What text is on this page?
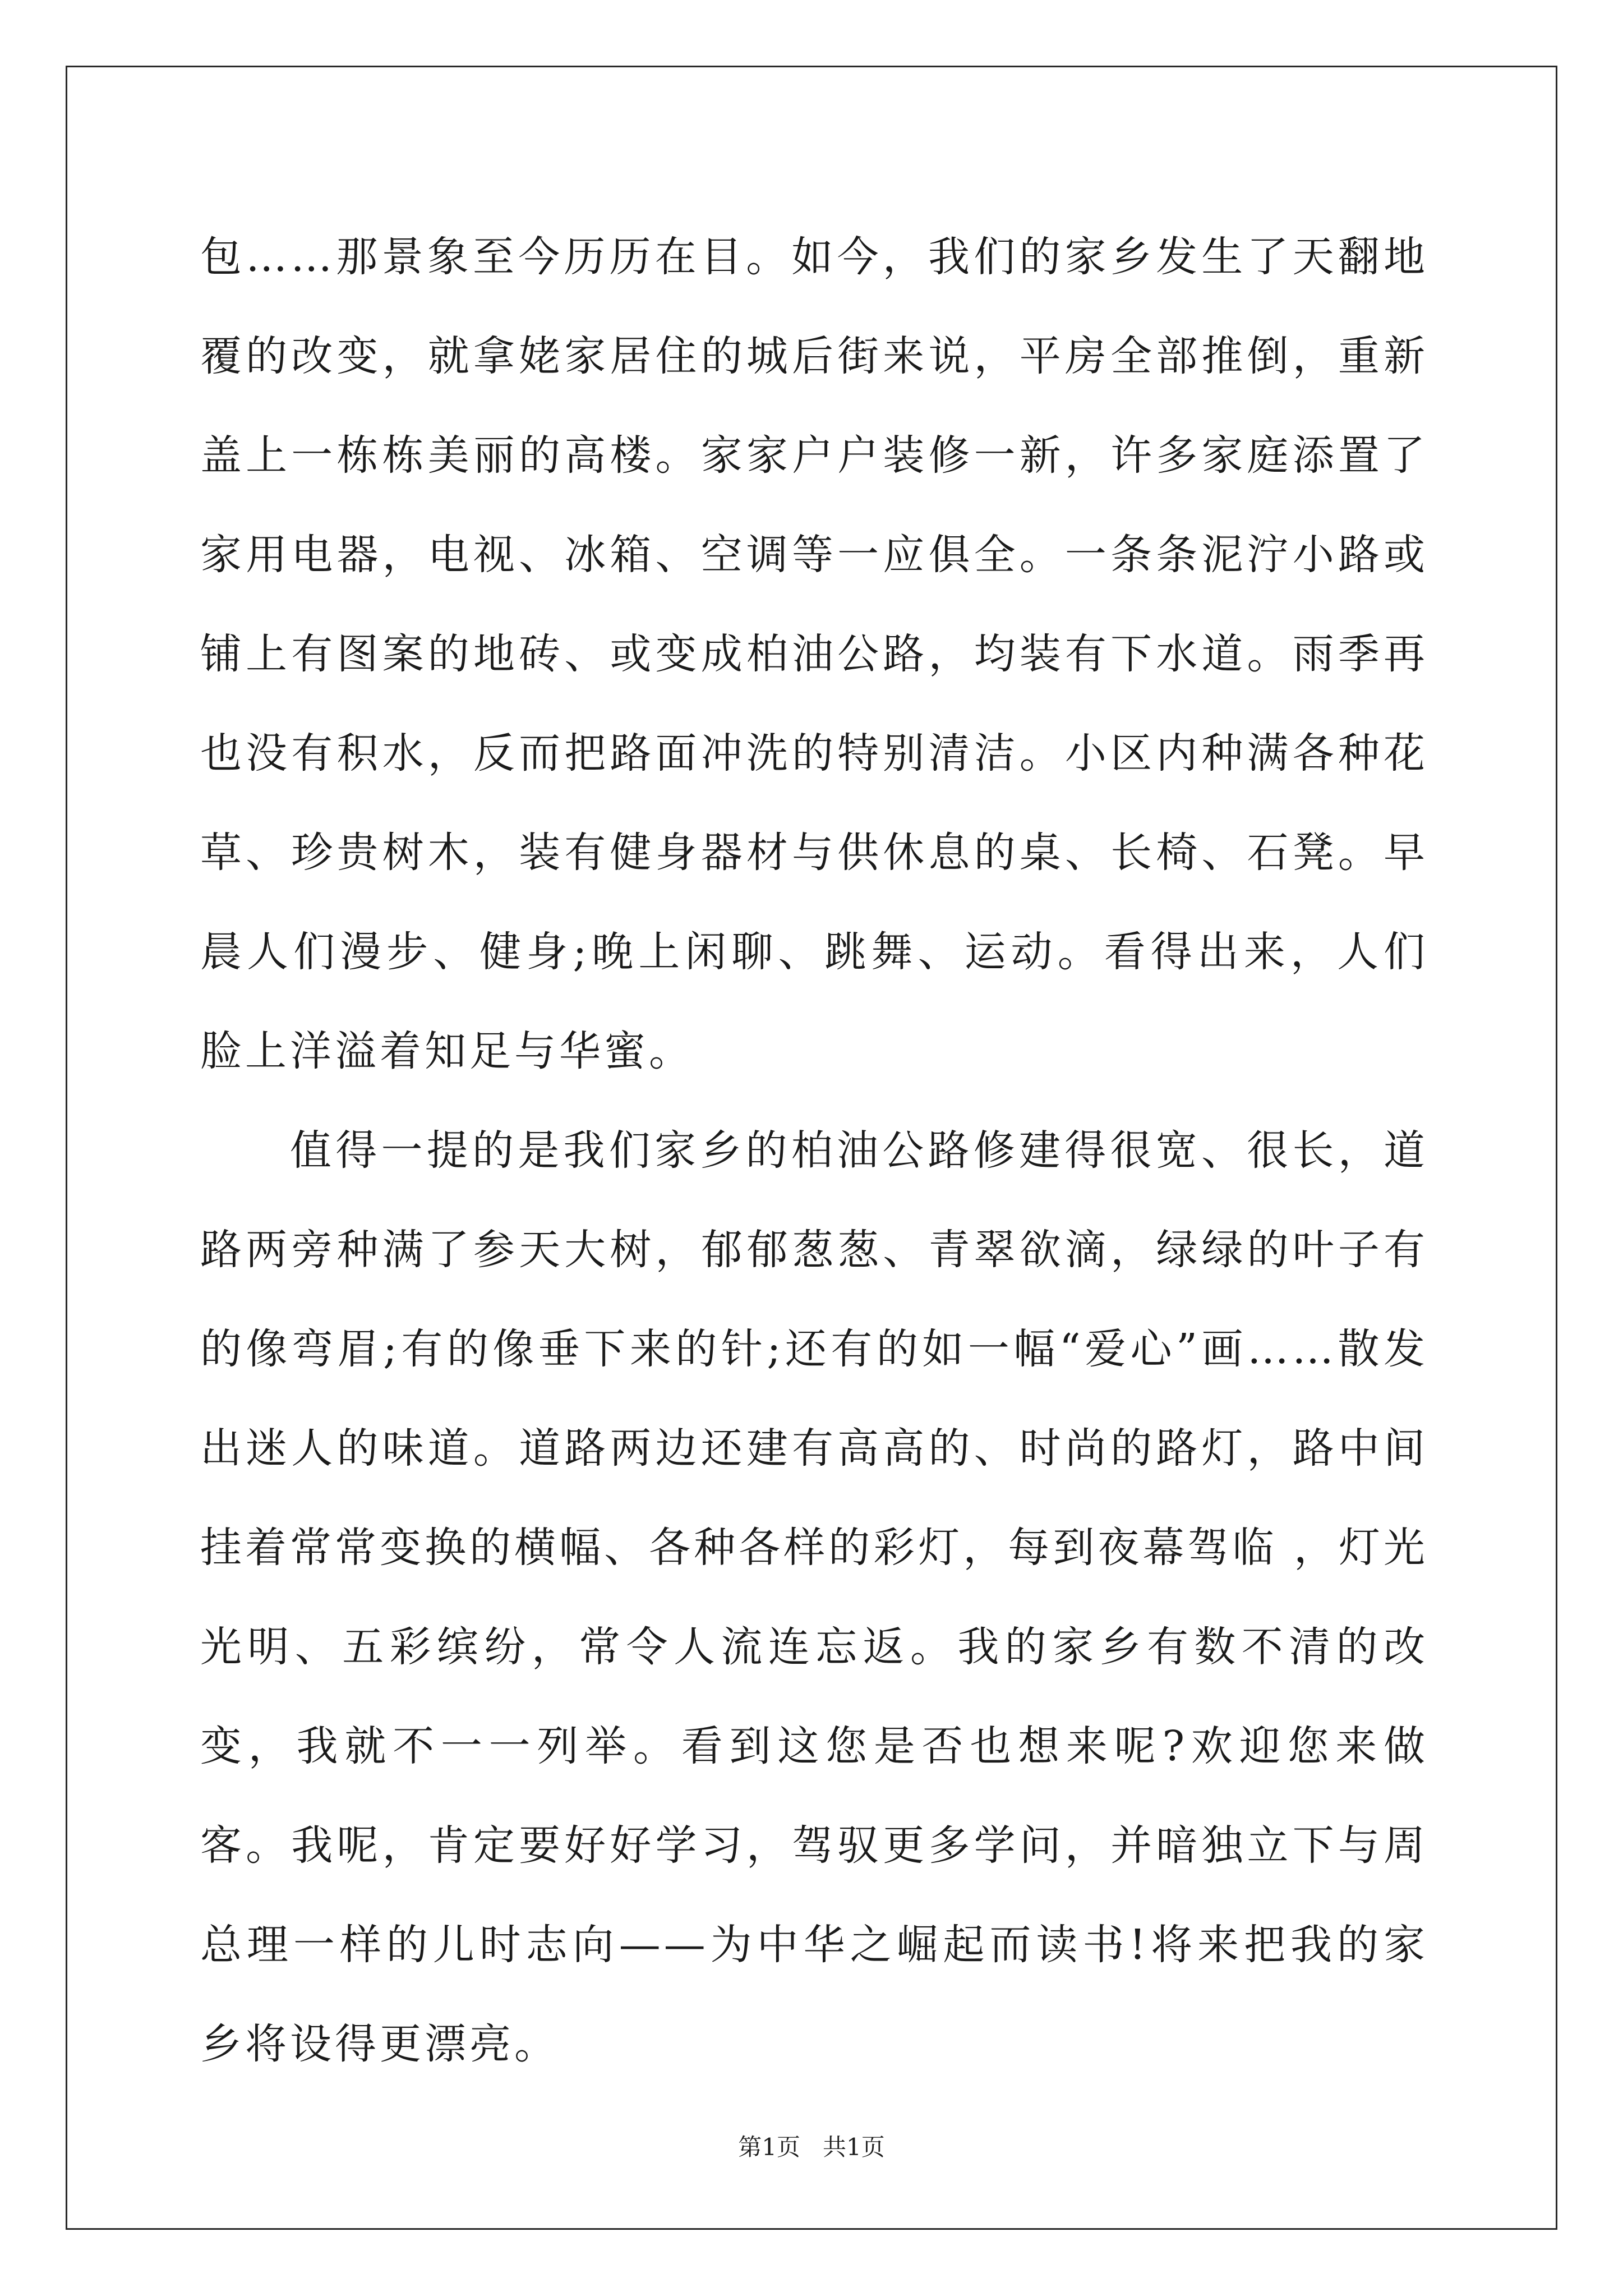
包……那景象至今历历在目。如今，我们的家乡发生了天翻地覆的改变，就拿姥家居住的城后街来说，平房全部推倒，重新盖上一栋栋美丽的高楼。家家户户装修一新，许多家庭添置了家用电器，电视、冰箱、空调等一应俱全。一条条泥泞小路或铺上有图案的地砖、或变成柏油公路，均装有下水道。雨季再也没有积水，反而把路面冲洗的特别清洁。小区内种满各种花草、珍贵树木，装有健身器材与供休息的桌、长椅、石凳。早晨人们漫步、健身;晚上闲聊、跳舞、运动。看得出来，人们脸上洋溢着知足与华蜜。

值得一提的是我们家乡的柏油公路修建得很宽、很长，道路两旁种满了参天大树，郁郁葱葱、青翠欲滴，绿绿的叶子有的像弯眉;有的像垂下来的针;还有的如一幅“爱心”画……散发出迷人的味道。道路两边还建有高高的、时尚的路灯，路中间挂着常常变换的横幅、各种各样的彩灯，每到夜幕驾临 ，灯光光明、五彩缤纷，常令人流连忘返。我的家乡有数不清的改变，我就不一一列举。看到这您是否也想来呢?欢迎您来做客。我呢，肯定要好好学习，驾驭更多学问，并暗独立下与周总理一样的儿时志向——为中华之崛起而读书!将来把我的家乡将设得更漂亮。

第1页   共1页
